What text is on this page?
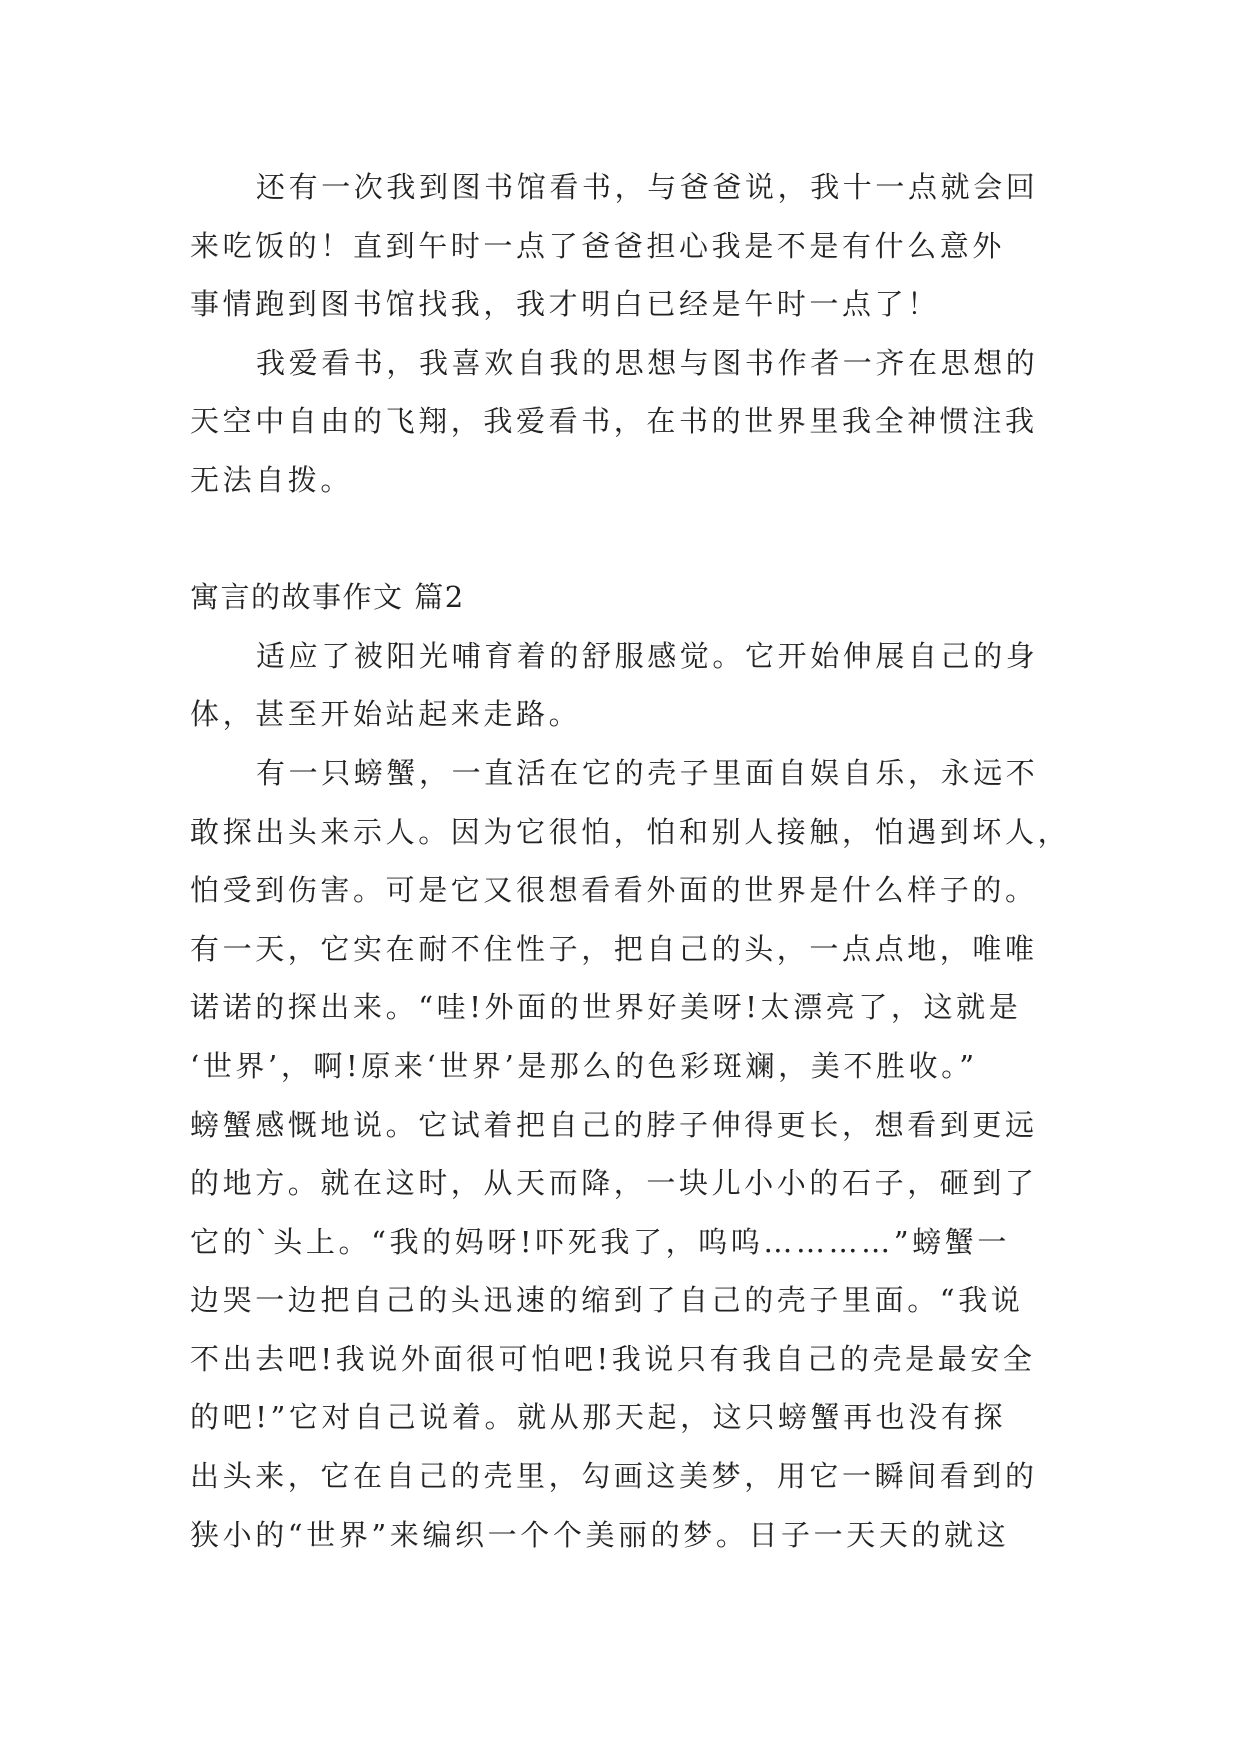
还有一次我到图书馆看书，与爸爸说，我十一点就会回
来吃饭的！直到午时一点了爸爸担心我是不是有什么意外
事情跑到图书馆找我，我才明白已经是午时一点了！
我爱看书，我喜欢自我的思想与图书作者一齐在思想的
天空中自由的飞翔，我爱看书，在书的世界里我全神惯注我
无法自拨。
寓言的故事作文 篇2
适应了被阳光哺育着的舒服感觉。它开始伸展自己的身
体，甚至开始站起来走路。
有一只螃蟹，一直活在它的壳子里面自娱自乐，永远不
敢探出头来示人。因为它很怕，怕和别人接触，怕遇到坏人，
怕受到伤害。可是它又很想看看外面的世界是什么样子的。
有一天，它实在耐不住性子，把自己的头，一点点地，唯唯
诺诺的探出来。“哇!外面的世界好美呀!太漂亮了，这就是
‘世界’，啊!原来‘世界’是那么的色彩斑斓，美不胜收。”
螃蟹感慨地说。它试着把自己的脖子伸得更长，想看到更远
的地方。就在这时，从天而降，一块儿小小的石子，砸到了
它的`头上。“我的妈呀!吓死我了，呜呜…………”螃蟹一
边哭一边把自己的头迅速的缩到了自己的壳子里面。“我说
不出去吧!我说外面很可怕吧!我说只有我自己的壳是最安全
的吧!”它对自己说着。就从那天起，这只螃蟹再也没有探
出头来，它在自己的壳里，勾画这美梦，用它一瞬间看到的
狭小的“世界”来编织一个个美丽的梦。日子一天天的就这
